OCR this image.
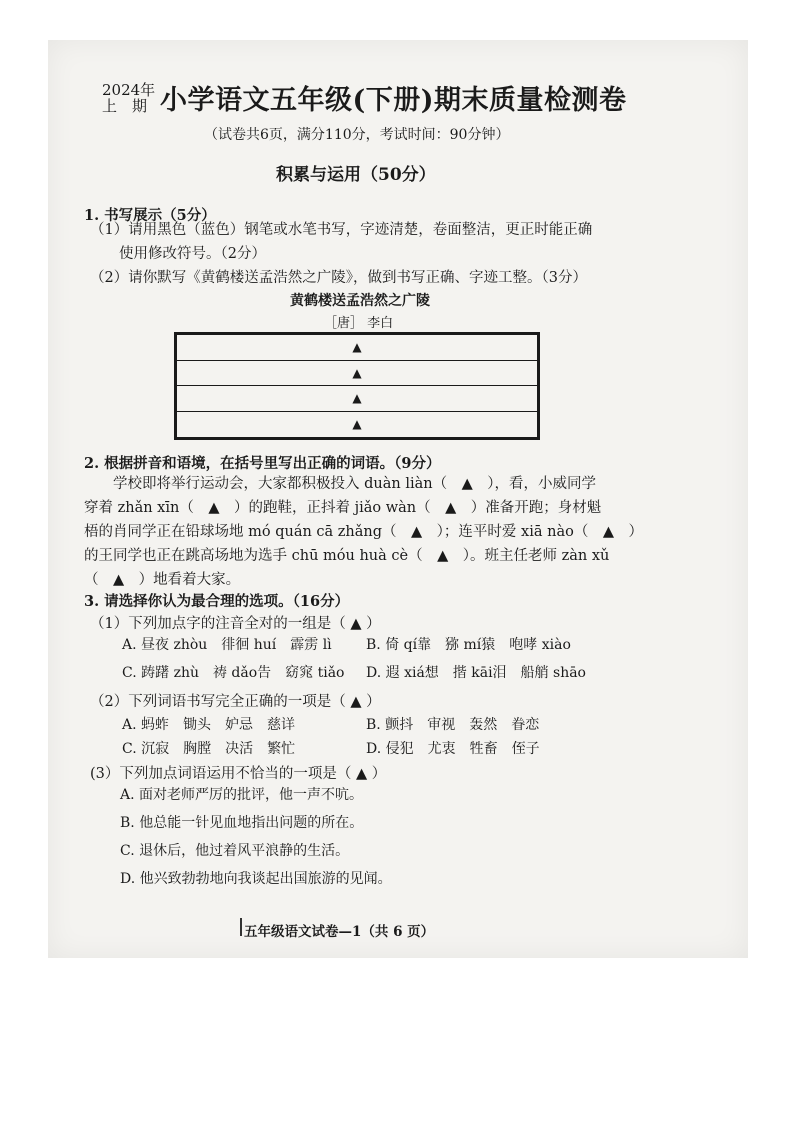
2024年
上　期 小学语文五年级(下册)期末质量检测卷
（试卷共6页，满分110分，考试时间：90分钟）
积累与运用（50分）
1. 书写展示（5分）
（1）请用黑色（蓝色）钢笔或水笔书写，字迹清楚，卷面整洁，更正时能正确
　　使用修改符号。（2分）
（2）请你默写《黄鹤楼送孟浩然之广陵》，做到书写正确、字迹工整。（3分）
黄鹤楼送孟浩然之广陵
［唐］ 李白
▲
▲
▲
▲
2. 根据拼音和语境，在括号里写出正确的词语。（9分）
　　学校即将举行运动会，大家都积极投入 duàn liàn（　▲　），看，小威同学
穿着 zhǎn xīn（　▲　）的跑鞋，正抖着 jiǎo wàn（　▲　）准备开跑；身材魁
梧的肖同学正在铅球场地 mó quán cā zhǎng（　▲　）；连平时爱 xiā nào（　▲　）
的王同学也正在跳高场地为选手 chū móu huà cè（　▲　）。班主任老师 zàn xǔ
（　▲　）地看着大家。
3. 请选择你认为最合理的选项。（16分）
（1）下列加点字的注音全对的一组是（ ▲ ）
A. 昼夜 zhòu　徘徊 huí　霹雳 lì B. 倚 qí靠　猕 mí猿　咆哮 xiào
C. 踌躇 zhù　祷 dǎo告　窈窕 tiǎo D. 遐 xiá想　揩 kāi泪　船艄 shāo
（2）下列词语书写完全正确的一项是（ ▲ ）
A. 蚂蚱　锄头　妒忌　慈详	B. 颤抖　审视　轰然　眷恋
C. 沉寂　胸膛　决活　繁忙	D. 侵犯　尤衷　牲畜　侄子
(3）下列加点词语运用不恰当的一项是（ ▲ ）
A. 面对老师严厉的批评，他一声不吭。
B. 他总能一针见血地指出问题的所在。
C. 退休后，他过着风平浪静的生活。
D. 他兴致勃勃地向我谈起出国旅游的见闻。
五年级语文试卷—1（共 6 页）
